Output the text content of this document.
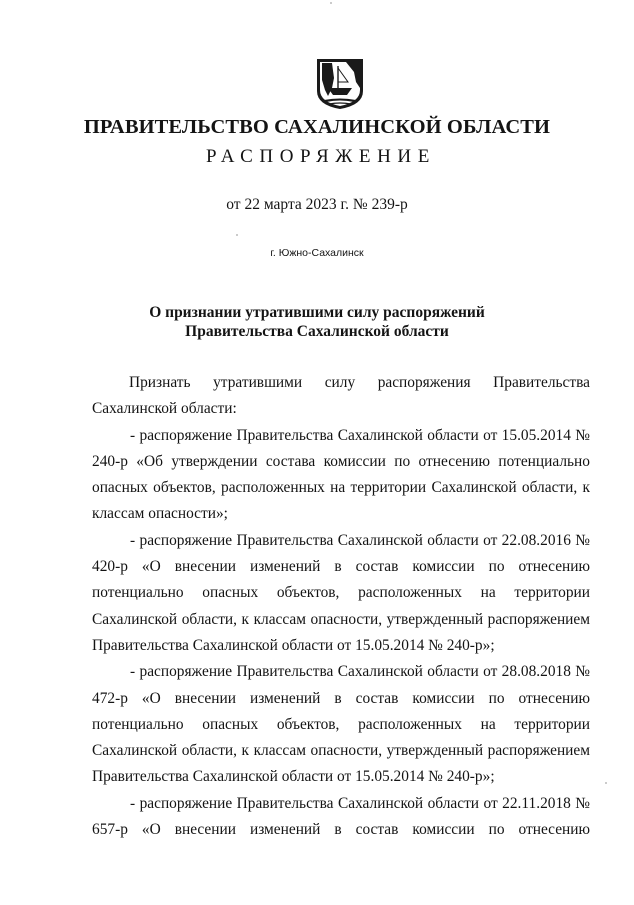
ПРАВИТЕЛЬСТВО САХАЛИНСКОЙ ОБЛАСТИ
РАСПОРЯЖЕНИЕ
от 22 марта 2023 г. № 239-р
г. Южно-Сахалинск
О признании утратившими силу распоряжений
Правительства Сахалинской области

Признать утратившими силу распоряжения Правительства Сахалинской области:

- распоряжение Правительства Сахалинской области от 15.05.2014 № 240-р «Об утверждении состава комиссии по отнесению потенциально опасных объектов, расположенных на территории Сахалинской области, к классам опасности»;

- распоряжение Правительства Сахалинской области от 22.08.2016 № 420-р «О внесении изменений в состав комиссии по отнесению потенциально опасных объектов, расположенных на территории Сахалинской области, к классам опасности, утвержденный распоряжением Правительства Сахалинской области от 15.05.2014 № 240-р»;

- распоряжение Правительства Сахалинской области от 28.08.2018 № 472-р «О внесении изменений в состав комиссии по отнесению потенциально опасных объектов, расположенных на территории Сахалинской области, к классам опасности, утвержденный распоряжением Правительства Сахалинской области от 15.05.2014 № 240-р»;

- распоряжение Правительства Сахалинской области от 22.11.2018 № 657-р «О внесении изменений в состав комиссии по отнесению
